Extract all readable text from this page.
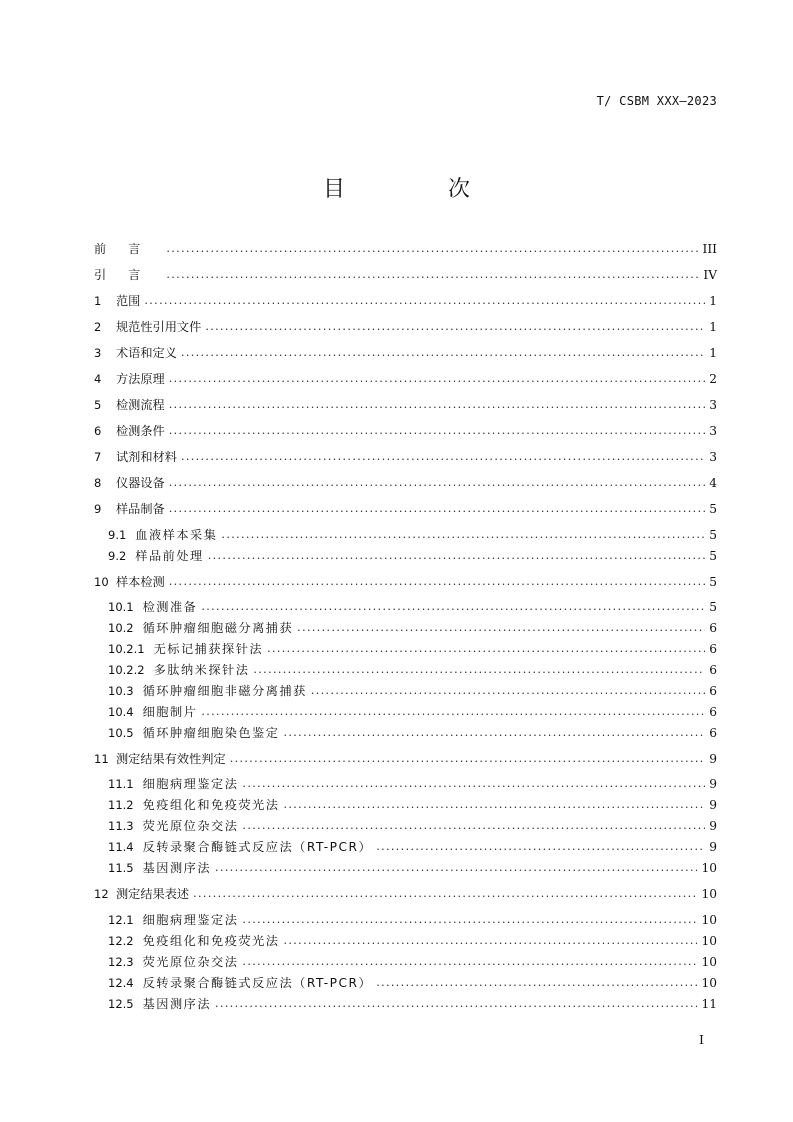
T/ CSBM XXX—2023
目 次
前言 .....	III
引言 .....	IV
1	范围 .....	1
2	规范性引用文件 .....	1
3	术语和定义 .....	1
4	方法原理 .....	2
5	检测流程 .....	3
6	检测条件 .....	3
7	试剂和材料 .....	3
8	仪器设备 .....	4
9	样品制备 .....	5
9.1 血液样本采集 .....	5
9.2 样品前处理 .....	5
10 样本检测 .....	5
10.1 检测准备 .....	5
10.2 循环肿瘤细胞磁分离捕获 .....	6
10.2.1 无标记捕获探针法 .....	6
10.2.2 多肽纳米探针法 .....	6
10.3 循环肿瘤细胞非磁分离捕获 .....	6
10.4 细胞制片 .....	6
10.5 循环肿瘤细胞染色鉴定 .....	6
11 测定结果有效性判定 .....	9
11.1 细胞病理鉴定法 .....	9
11.2 免疫组化和免疫荧光法 .....	9
11.3 荧光原位杂交法 .....	9
11.4 反转录聚合酶链式反应法（RT-PCR） .....	9
11.5 基因测序法 .....	10
12 测定结果表述 .....	10
12.1 细胞病理鉴定法 .....	10
12.2 免疫组化和免疫荧光法 .....	10
12.3 荧光原位杂交法 .....	10
12.4 反转录聚合酶链式反应法（RT-PCR） .....	10
12.5 基因测序法 .....	11
I
